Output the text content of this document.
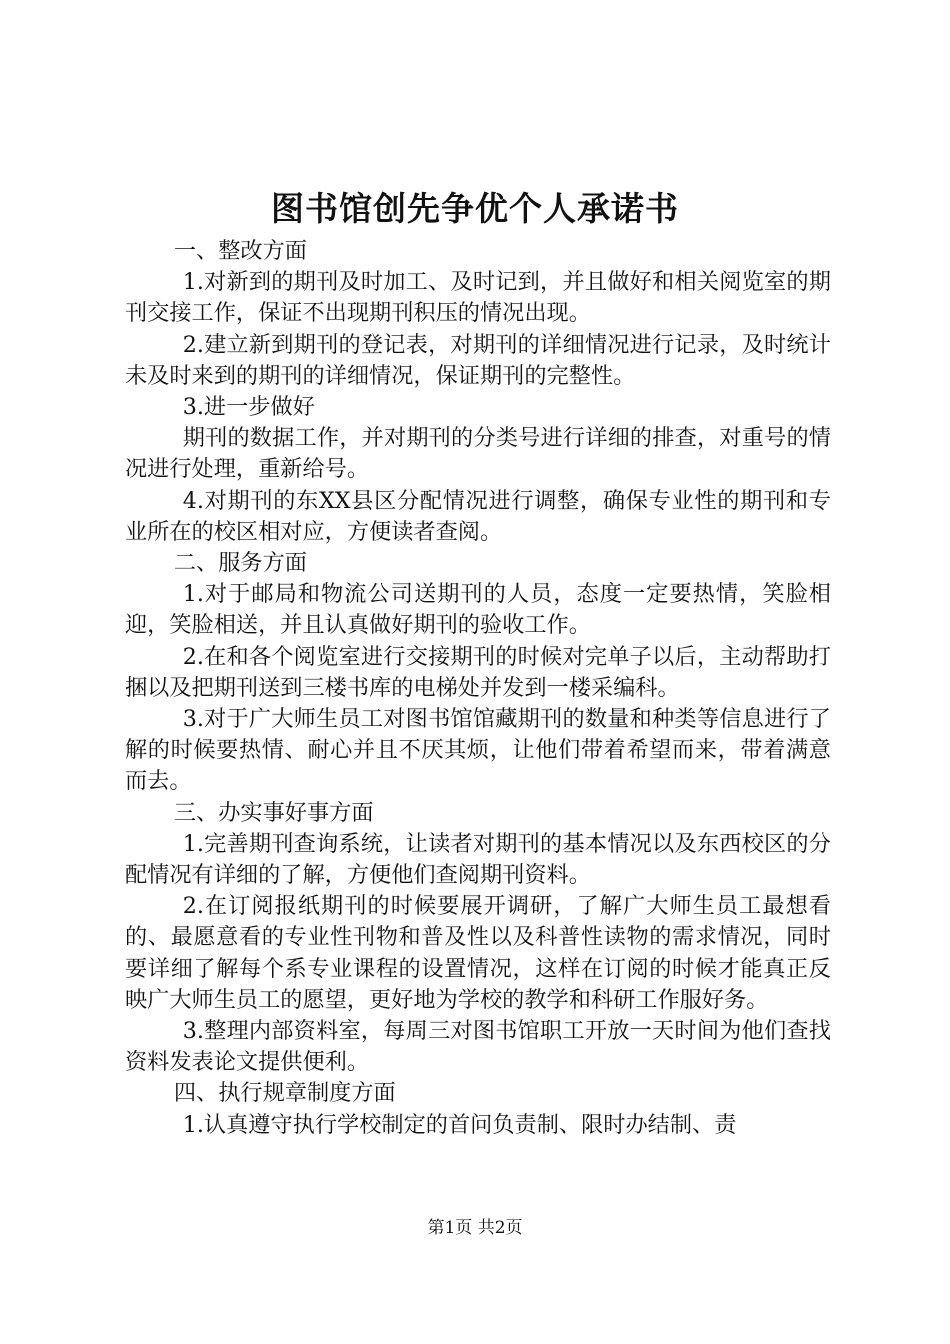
图书馆创先争优个人承诺书

一、整改方面

1.对新到的期刊及时加工、及时记到，并且做好和相关阅览室的期刊交接工作，保证不出现期刊积压的情况出现。

2.建立新到期刊的登记表，对期刊的详细情况进行记录，及时统计未及时来到的期刊的详细情况，保证期刊的完整性。

3.进一步做好

期刊的数据工作，并对期刊的分类号进行详细的排查，对重号的情况进行处理，重新给号。

4.对期刊的东XX县区分配情况进行调整，确保专业性的期刊和专业所在的校区相对应，方便读者查阅。

二、服务方面

1.对于邮局和物流公司送期刊的人员，态度一定要热情，笑脸相迎，笑脸相送，并且认真做好期刊的验收工作。

2.在和各个阅览室进行交接期刊的时候对完单子以后，主动帮助打捆以及把期刊送到三楼书库的电梯处并发到一楼采编科。

3.对于广大师生员工对图书馆馆藏期刊的数量和种类等信息进行了解的时候要热情、耐心并且不厌其烦，让他们带着希望而来，带着满意而去。

三、办实事好事方面

1.完善期刊查询系统，让读者对期刊的基本情况以及东西校区的分配情况有详细的了解，方便他们查阅期刊资料。

2.在订阅报纸期刊的时候要展开调研，了解广大师生员工最想看的、最愿意看的专业性刊物和普及性以及科普性读物的需求情况，同时要详细了解每个系专业课程的设置情况，这样在订阅的时候才能真正反映广大师生员工的愿望，更好地为学校的教学和科研工作服好务。

3.整理内部资料室，每周三对图书馆职工开放一天时间为他们查找资料发表论文提供便利。

四、执行规章制度方面

1.认真遵守执行学校制定的首问负责制、限时办结制、责

第1页 共2页
